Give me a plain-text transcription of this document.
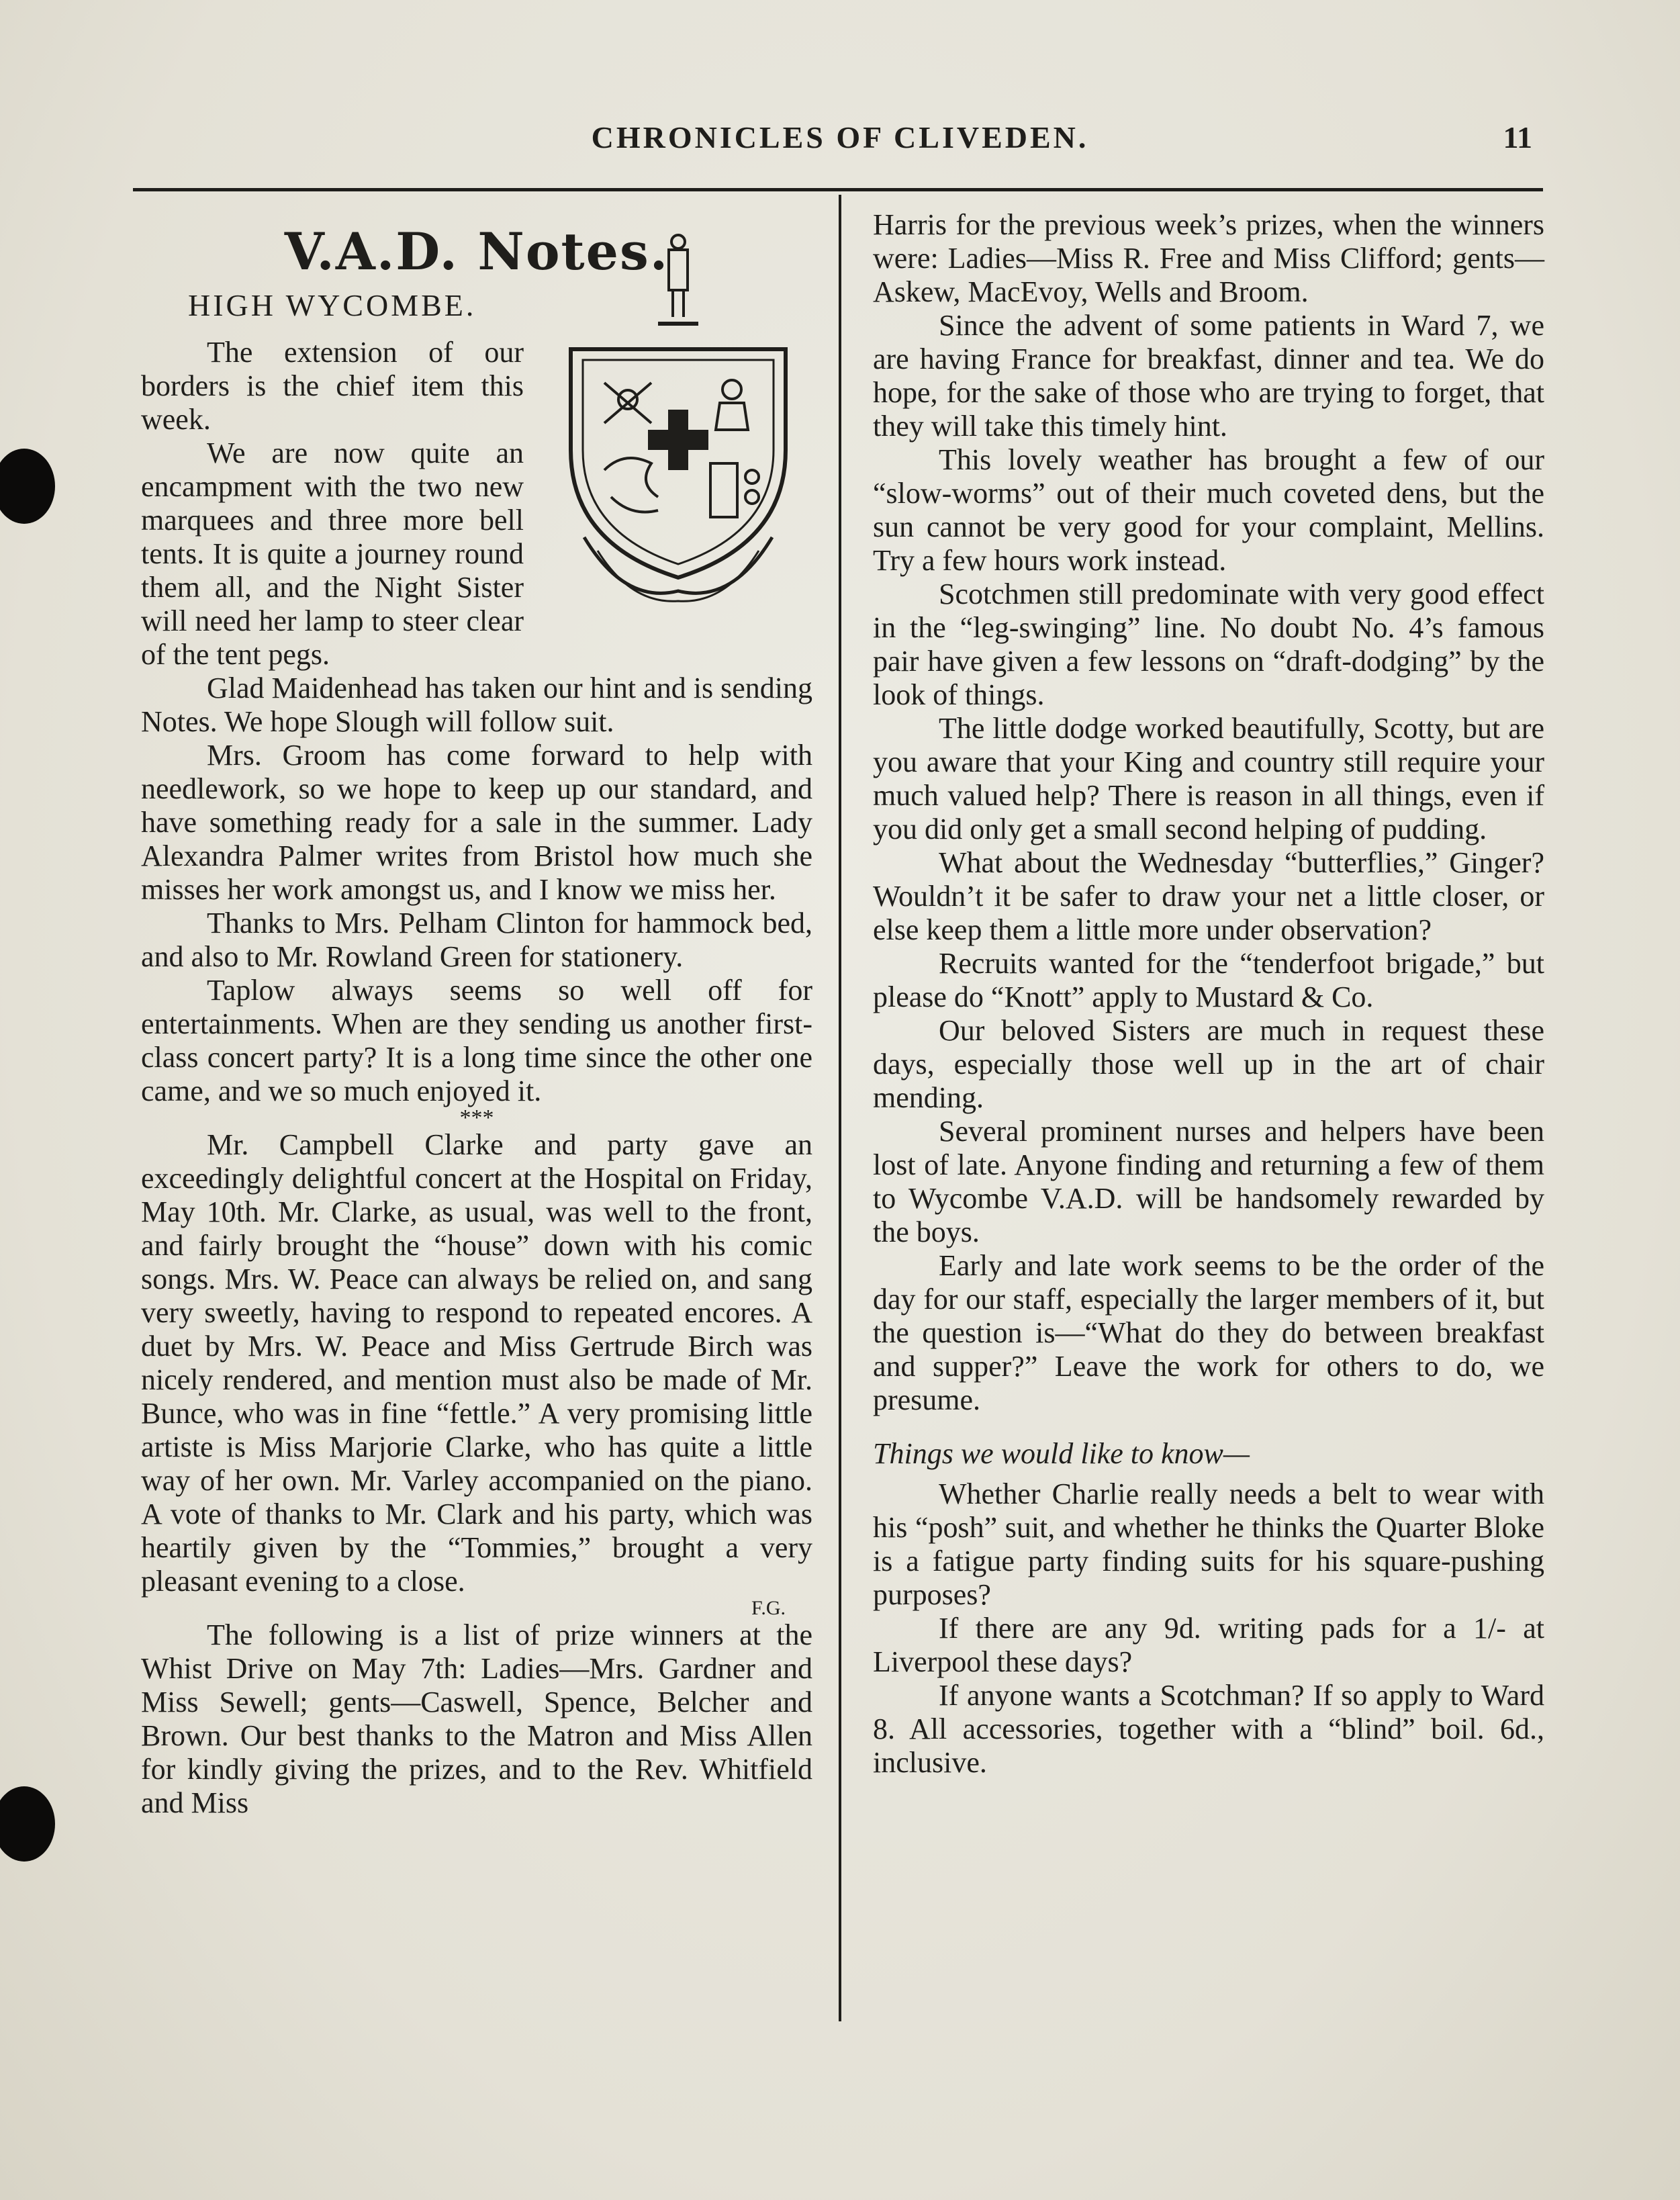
CHRONICLES OF CLIVEDEN.	11
V.A.D. Notes.
HIGH WYCOMBE.

The extension of our borders is the chief item this week.

We are now quite an encampment with the two new marquees and three more bell tents. It is quite a journey round them all, and the Night Sister will need her lamp to steer clear of the tent pegs.

Glad Maidenhead has taken our hint and is sending Notes. We hope Slough will follow suit.

Mrs. Groom has come forward to help with needlework, so we hope to keep up our standard, and have something ready for a sale in the summer. Lady Alexandra Palmer writes from Bristol how much she misses her work amongst us, and I know we miss her.

Thanks to Mrs. Pelham Clinton for hammock bed, and also to Mr. Rowland Green for stationery.

Taplow always seems so well off for entertainments. When are they sending us another first-class concert party? It is a long time since the other one came, and we so much enjoyed it.

***

Mr. Campbell Clarke and party gave an exceedingly delightful concert at the Hospital on Friday, May 10th. Mr. Clarke, as usual, was well to the front, and fairly brought the “house” down with his comic songs. Mrs. W. Peace can always be relied on, and sang very sweetly, having to respond to repeated encores. A duet by Mrs. W. Peace and Miss Gertrude Birch was nicely rendered, and mention must also be made of Mr. Bunce, who was in fine “fettle.” A very promising little artiste is Miss Marjorie Clarke, who has quite a little way of her own. Mr. Varley accompanied on the piano. A vote of thanks to Mr. Clark and his party, which was heartily given by the “Tommies,” brought a very pleasant evening to a close.

F.G.

The following is a list of prize winners at the Whist Drive on May 7th: Ladies—Mrs. Gardner and Miss Sewell; gents—Caswell, Spence, Belcher and Brown. Our best thanks to the Matron and Miss Allen for kindly giving the prizes, and to the Rev. Whitfield and Miss

Harris for the previous week’s prizes, when the winners were: Ladies—Miss R. Free and Miss Clifford; gents—Askew, MacEvoy, Wells and Broom.

Since the advent of some patients in Ward 7, we are having France for breakfast, dinner and tea. We do hope, for the sake of those who are trying to forget, that they will take this timely hint.

This lovely weather has brought a few of our “slow-worms” out of their much coveted dens, but the sun cannot be very good for your complaint, Mellins. Try a few hours work instead.

Scotchmen still predominate with very good effect in the “leg-swinging” line. No doubt No. 4’s famous pair have given a few lessons on “draft-dodging” by the look of things.

The little dodge worked beautifully, Scotty, but are you aware that your King and country still require your much valued help? There is reason in all things, even if you did only get a small second helping of pudding.

What about the Wednesday “butterflies,” Ginger? Wouldn’t it be safer to draw your net a little closer, or else keep them a little more under observation?

Recruits wanted for the “tenderfoot brigade,” but please do “Knott” apply to Mustard & Co.

Our beloved Sisters are much in request these days, especially those well up in the art of chair mending.

Several prominent nurses and helpers have been lost of late. Anyone finding and returning a few of them to Wycombe V.A.D. will be handsomely rewarded by the boys.

Early and late work seems to be the order of the day for our staff, especially the larger members of it, but the question is—“What do they do between breakfast and supper?” Leave the work for others to do, we presume.

Things we would like to know—

Whether Charlie really needs a belt to wear with his “posh” suit, and whether he thinks the Quarter Bloke is a fatigue party finding suits for his square-pushing purposes?

If there are any 9d. writing pads for a 1/- at Liverpool these days?

If anyone wants a Scotchman? If so apply to Ward 8. All accessories, together with a “blind” boil. 6d., inclusive.
